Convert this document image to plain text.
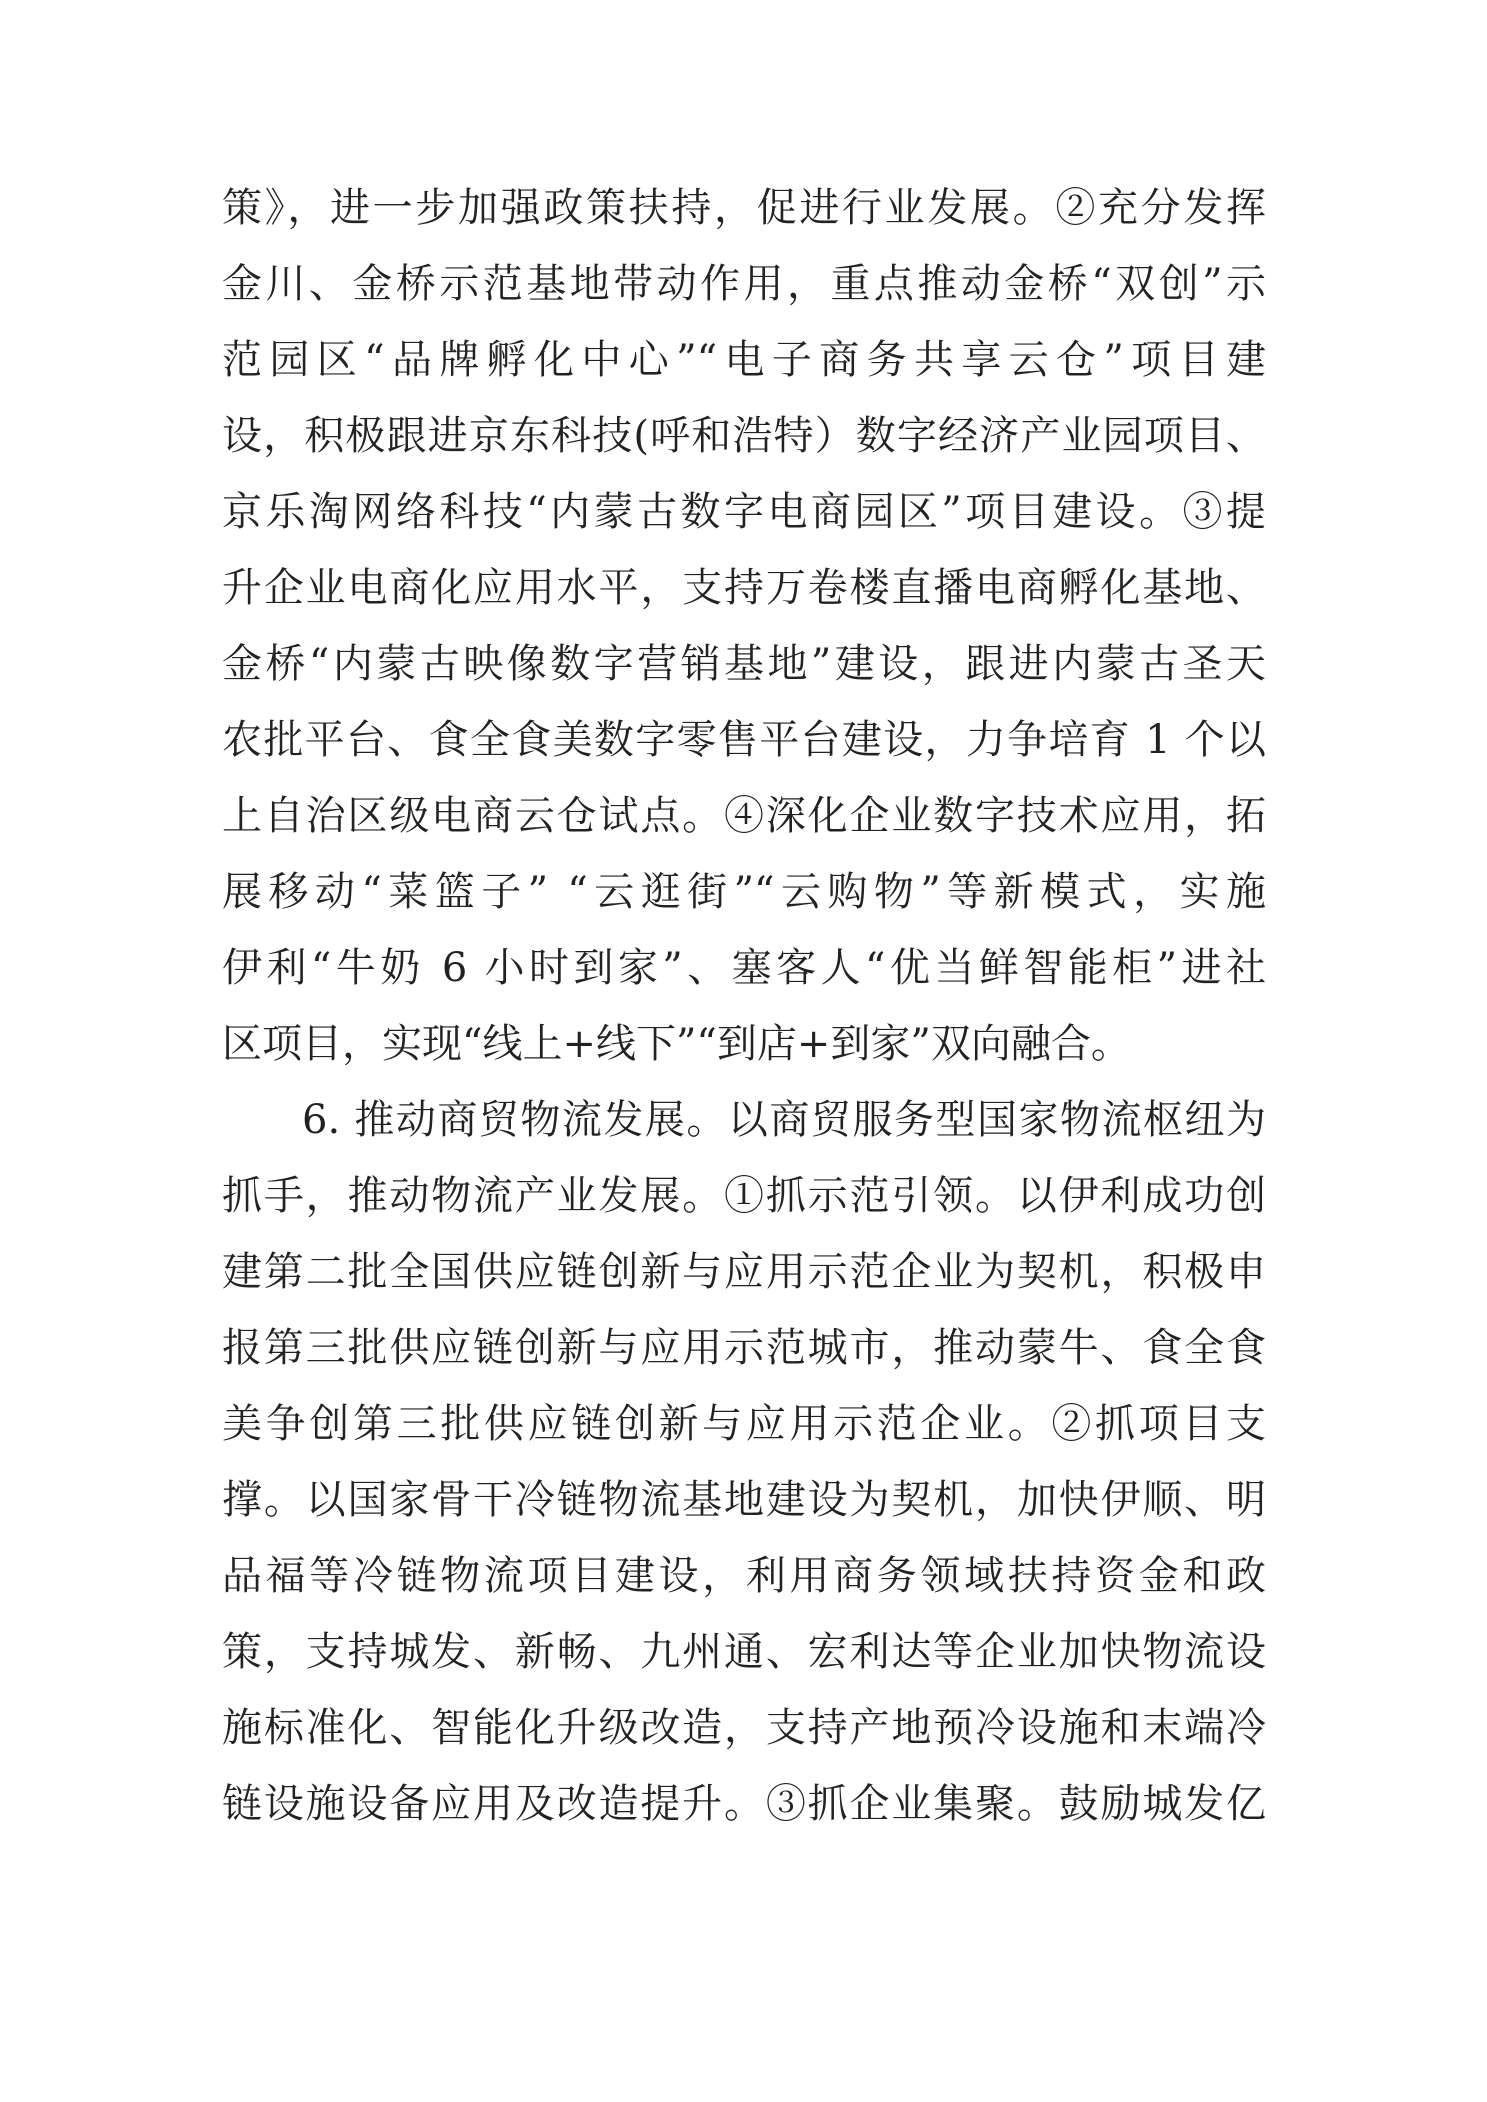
策》，进一步加强政策扶持，促进行业发展。②充分发挥
金川、金桥示范基地带动作用，重点推动金桥“双创”示
范园区“品牌孵化中心”“电子商务共享云仓”项目建
设，积极跟进京东科技(呼和浩特）数字经济产业园项目、
京乐淘网络科技“内蒙古数字电商园区”项目建设。③提
升企业电商化应用水平，支持万卷楼直播电商孵化基地、
金桥“内蒙古映像数字营销基地”建设，跟进内蒙古圣天
农批平台、食全食美数字零售平台建设，力争培育 1 个以
上自治区级电商云仓试点。④深化企业数字技术应用，拓
展移动“菜篮子” “云逛街”“云购物”等新模式，实施
伊利“牛奶 6 小时到家”、塞客人“优当鲜智能柜”进社
区项目，实现“线上+线下”“到店+到家”双向融合。
6. 推动商贸物流发展。以商贸服务型国家物流枢纽为
抓手，推动物流产业发展。①抓示范引领。以伊利成功创
建第二批全国供应链创新与应用示范企业为契机，积极申
报第三批供应链创新与应用示范城市，推动蒙牛、食全食
美争创第三批供应链创新与应用示范企业。②抓项目支
撑。以国家骨干冷链物流基地建设为契机，加快伊顺、明
品福等冷链物流项目建设，利用商务领域扶持资金和政
策，支持城发、新畅、九州通、宏利达等企业加快物流设
施标准化、智能化升级改造，支持产地预冷设施和末端冷
链设施设备应用及改造提升。③抓企业集聚。鼓励城发亿
